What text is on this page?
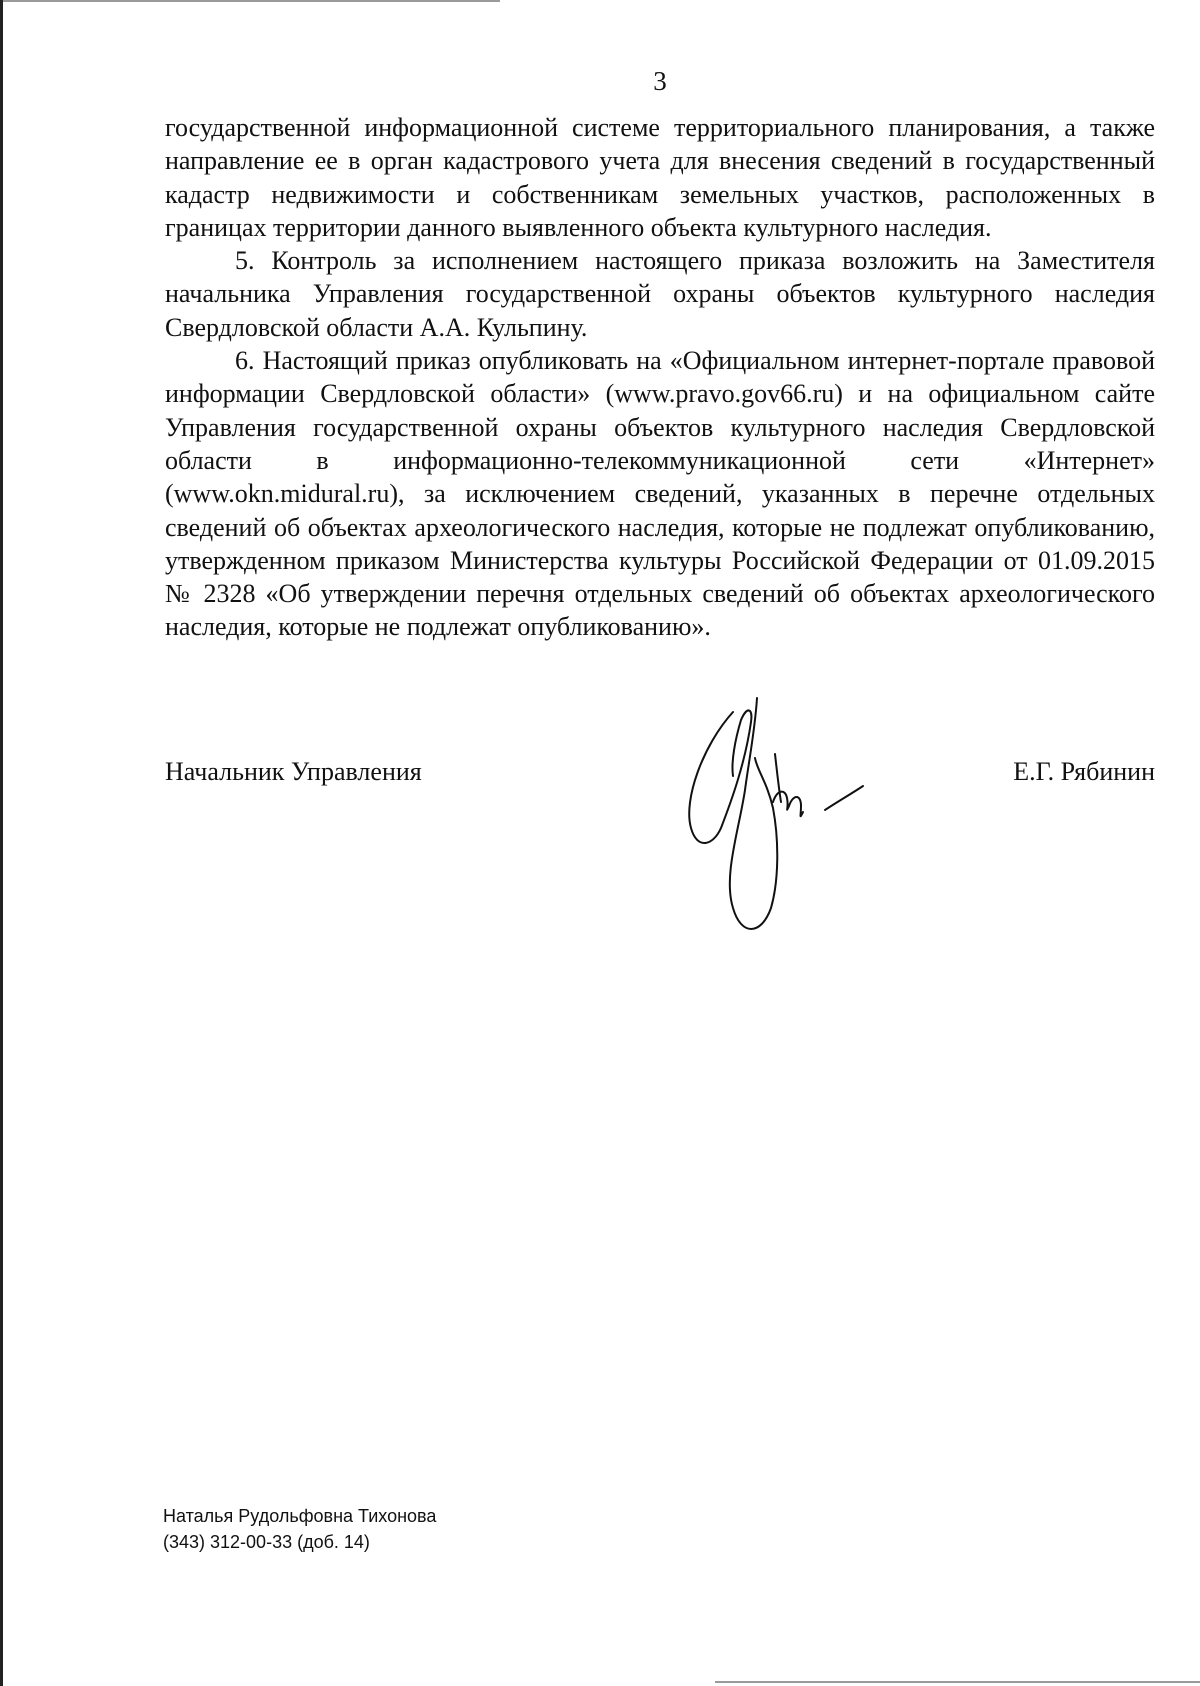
3

государственной информационной системе территориального планирования, а также направление ее в орган кадастрового учета для внесения сведений в государственный кадастр недвижимости и собственникам земельных участков, расположенных в границах территории данного выявленного объекта культурного наследия.

5. Контроль за исполнением настоящего приказа возложить на Заместителя начальника Управления государственной охраны объектов культурного наследия Свердловской области А.А. Кульпину.

6. Настоящий приказ опубликовать на «Официальном интернет-портале правовой информации Свердловской области» (www.pravo.gov66.ru) и на официальном сайте Управления государственной охраны объектов культурного наследия Свердловской области в информационно-телекоммуникационной сети «Интернет» (www.okn.midural.ru), за исключением сведений, указанных в перечне отдельных сведений об объектах археологического наследия, которые не подлежат опубликованию, утвержденном приказом Министерства культуры Российской Федерации от 01.09.2015 № 2328 «Об утверждении перечня отдельных сведений об объектах археологического наследия, которые не подлежат опубликованию».

Начальник Управления	Е.Г. Рябинин
Наталья Рудольфовна Тихонова
(343) 312-00-33 (доб. 14)
